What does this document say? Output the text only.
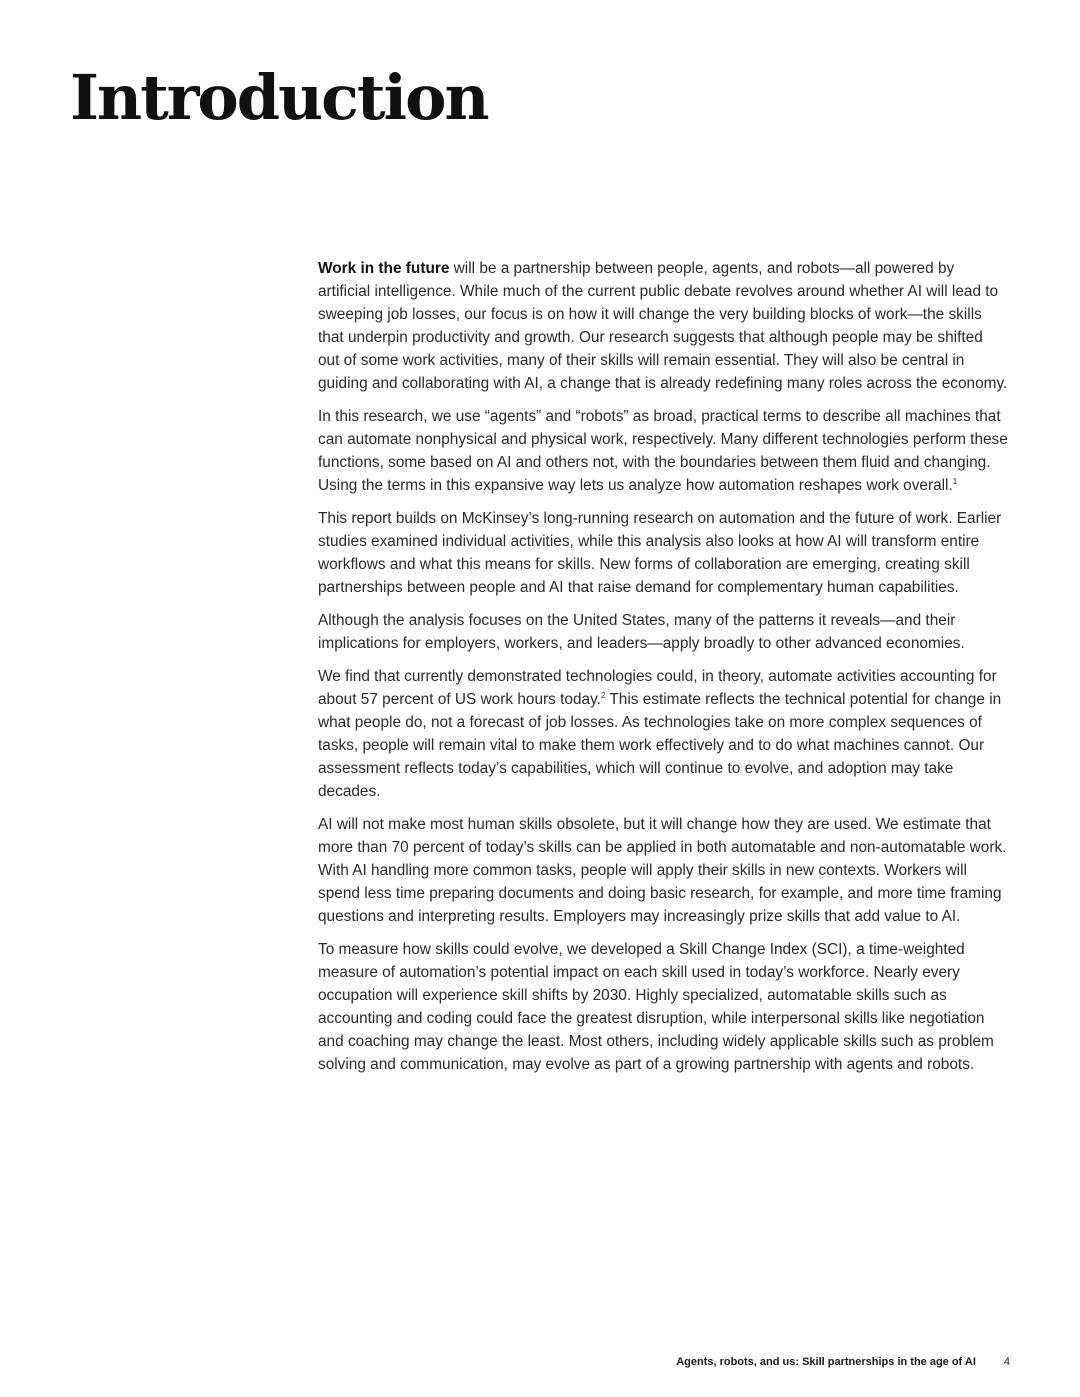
Introduction

Work in the future will be a partnership between people, agents, and robots—all powered by artificial intelligence. While much of the current public debate revolves around whether AI will lead to sweeping job losses, our focus is on how it will change the very building blocks of work—the skills that underpin productivity and growth. Our research suggests that although people may be shifted out of some work activities, many of their skills will remain essential. They will also be central in guiding and collaborating with AI, a change that is already redefining many roles across the economy.

In this research, we use “agents” and “robots” as broad, practical terms to describe all machines that can automate nonphysical and physical work, respectively. Many different technologies perform these functions, some based on AI and others not, with the boundaries between them fluid and changing. Using the terms in this expansive way lets us analyze how automation reshapes work overall.$^1$

This report builds on McKinsey’s long-running research on automation and the future of work. Earlier studies examined individual activities, while this analysis also looks at how AI will transform entire workflows and what this means for skills. New forms of collaboration are emerging, creating skill partnerships between people and AI that raise demand for complementary human capabilities.

Although the analysis focuses on the United States, many of the patterns it reveals—and their implications for employers, workers, and leaders—apply broadly to other advanced economies.

We find that currently demonstrated technologies could, in theory, automate activities accounting for about 57 percent of US work hours today.$^2$ This estimate reflects the technical potential for change in what people do, not a forecast of job losses. As technologies take on more complex sequences of tasks, people will remain vital to make them work effectively and to do what machines cannot. Our assessment reflects today’s capabilities, which will continue to evolve, and adoption may take decades.

AI will not make most human skills obsolete, but it will change how they are used. We estimate that more than 70 percent of today’s skills can be applied in both automatable and non-automatable work. With AI handling more common tasks, people will apply their skills in new contexts. Workers will spend less time preparing documents and doing basic research, for example, and more time framing questions and interpreting results. Employers may increasingly prize skills that add value to AI.

To measure how skills could evolve, we developed a Skill Change Index (SCI), a time-weighted measure of automation’s potential impact on each skill used in today’s workforce. Nearly every occupation will experience skill shifts by 2030. Highly specialized, automatable skills such as accounting and coding could face the greatest disruption, while interpersonal skills like negotiation and coaching may change the least. Most others, including widely applicable skills such as problem solving and communication, may evolve as part of a growing partnership with agents and robots.

Agents, robots, and us: Skill partnerships in the age of AI	4
